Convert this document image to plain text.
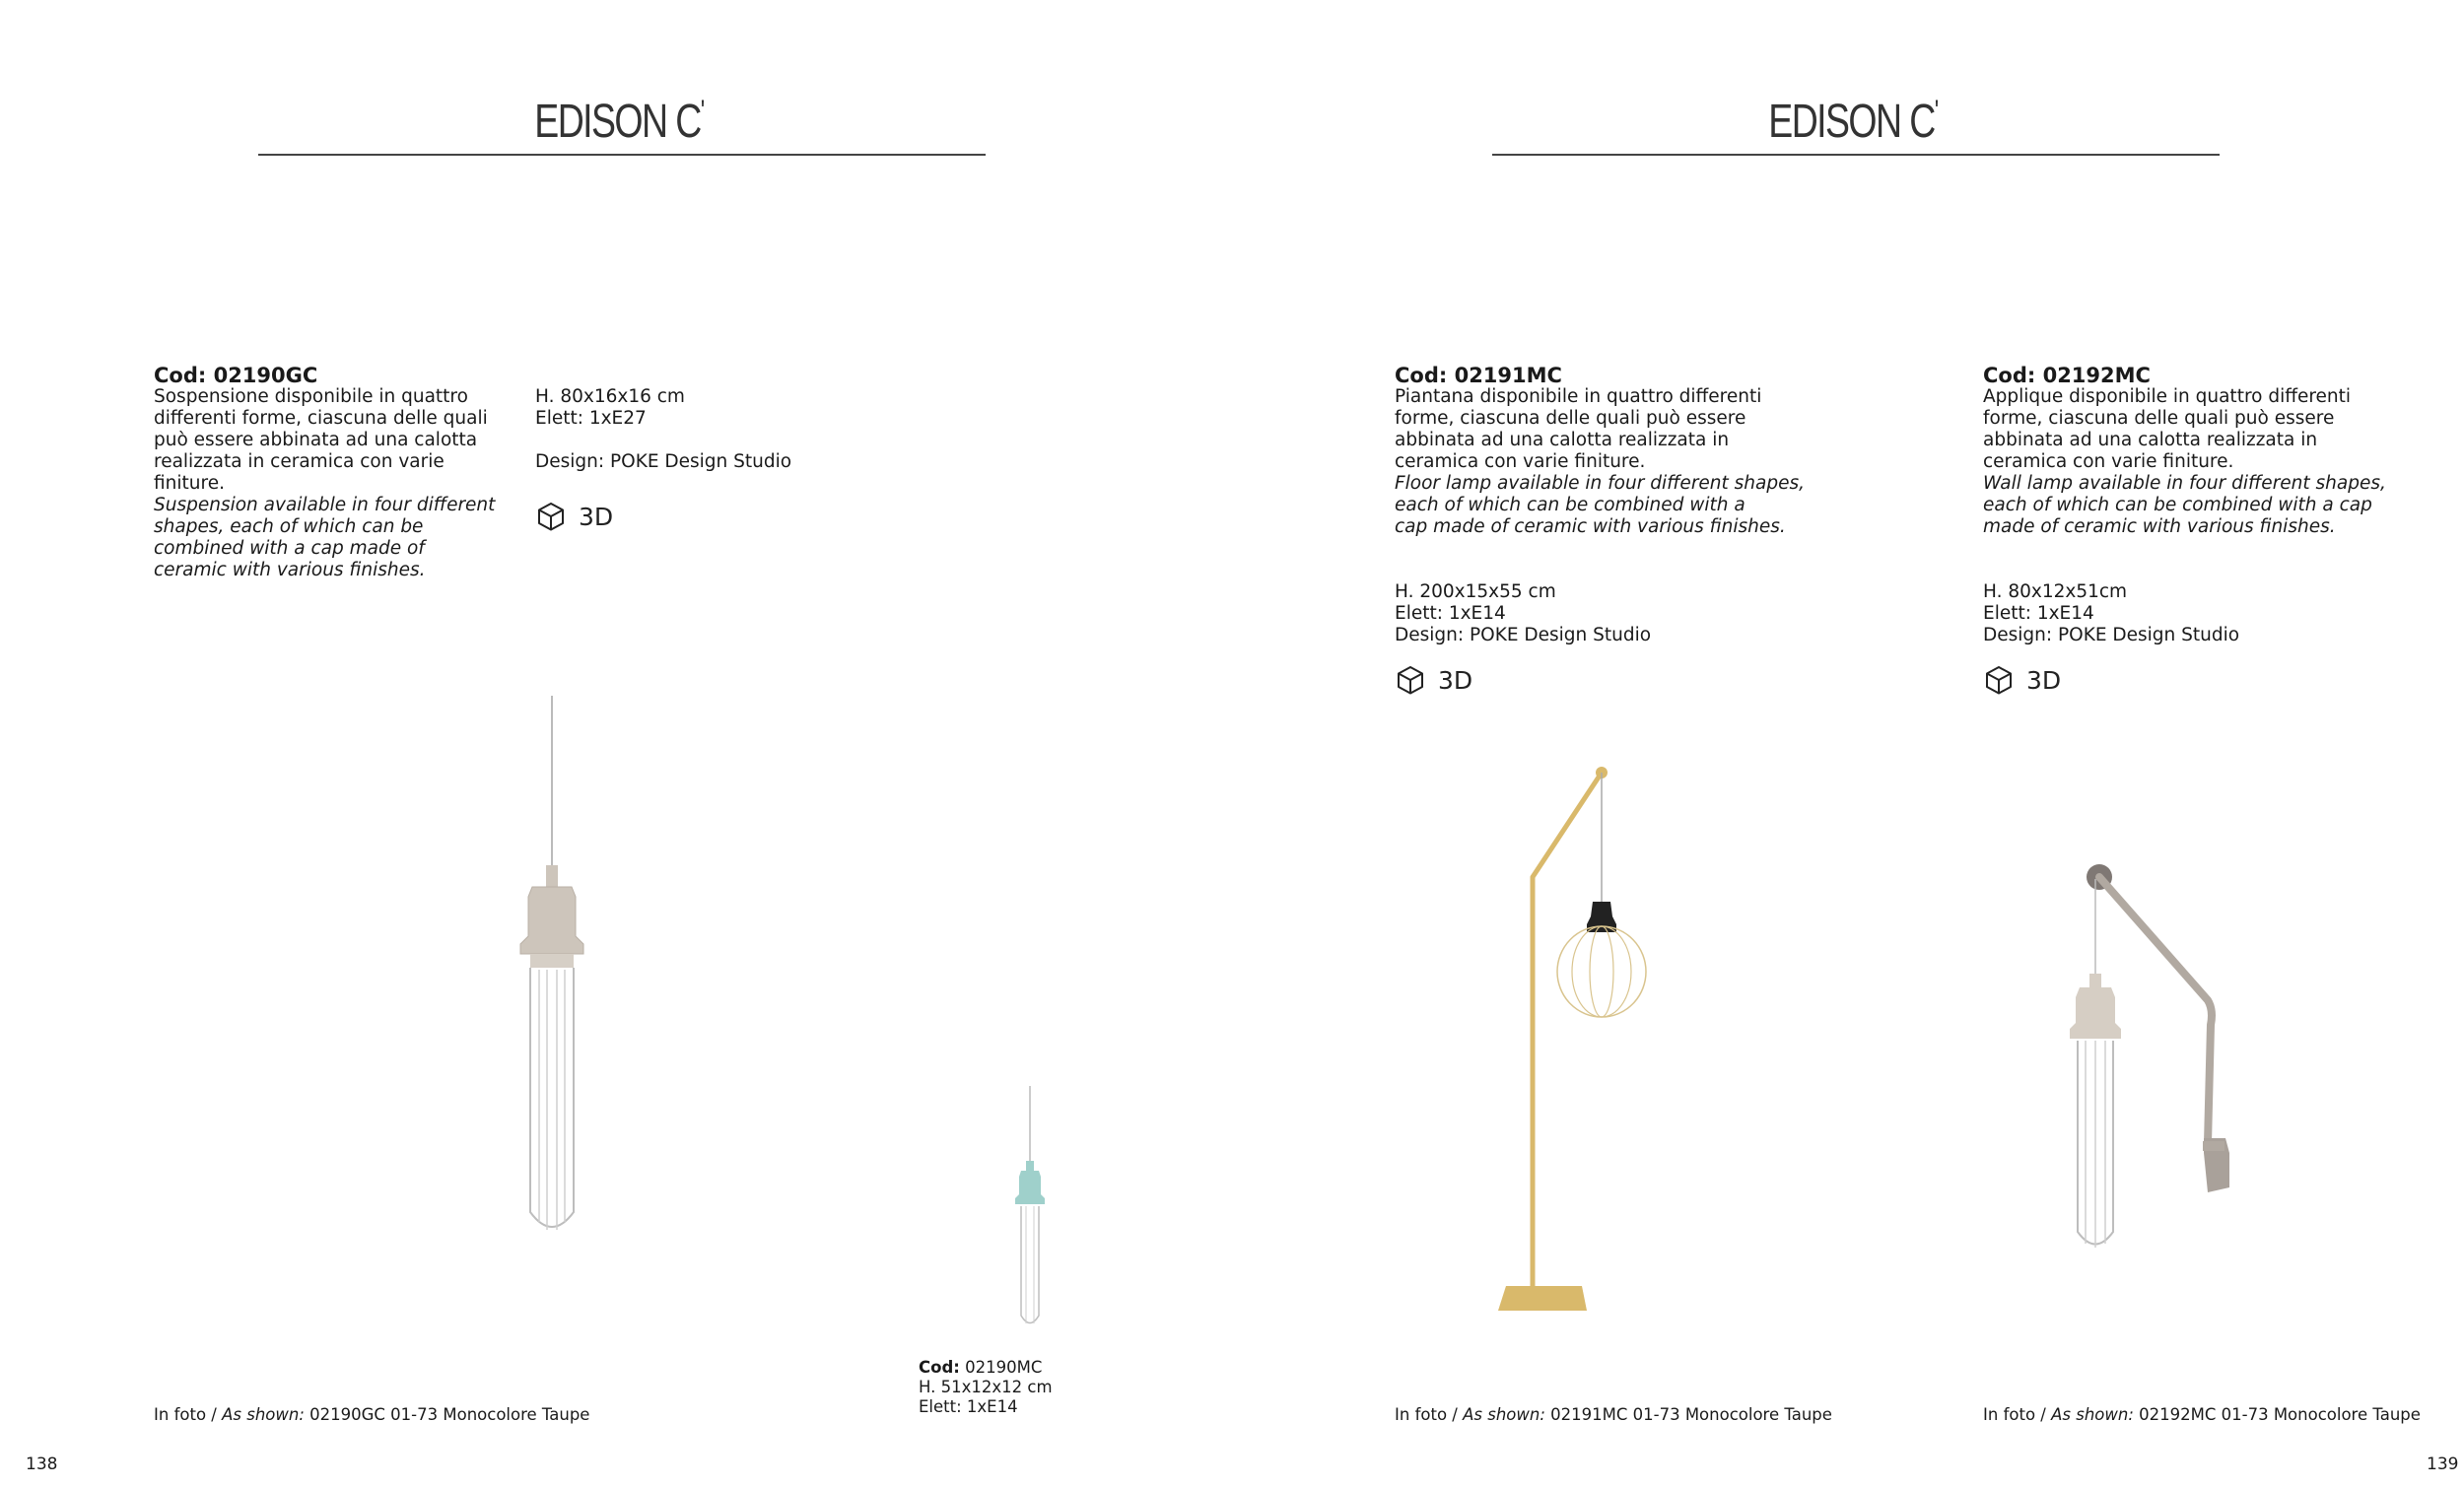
EDISON C'
Cod: 02190GC
Sospensione disponibile in quattro
differenti forme, ciascuna delle quali
può essere abbinata ad una calotta
realizzata in ceramica con varie
finiture.
Suspension available in four different
shapes, each of which can be
combined with a cap made of
ceramic with various finishes.
H. 80x16x16 cm
Elett: 1xE27
Design: POKE Design Studio
3D
Cod: 02190MC
H. 51x12x12 cm
Elett: 1xE14
In foto / As shown: 02190GC 01-73 Monocolore Taupe
138
EDISON C'
Cod: 02191MC
Piantana disponibile in quattro differenti
forme, ciascuna delle quali può essere
abbinata ad una calotta realizzata in
ceramica con varie finiture.
Floor lamp available in four different shapes,
each of which can be combined with a
cap made of ceramic with various finishes.
H. 200x15x55 cm
Elett: 1xE14
Design: POKE Design Studio
3D
Cod: 02192MC
Applique disponibile in quattro differenti
forme, ciascuna delle quali può essere
abbinata ad una calotta realizzata in
ceramica con varie finiture.
Wall lamp available in four different shapes,
each of which can be combined with a cap
made of ceramic with various finishes.
H. 80x12x51cm
Elett: 1xE14
Design: POKE Design Studio
3D
In foto / As shown: 02191MC 01-73 Monocolore Taupe	In foto / As shown: 02192MC 01-73 Monocolore Taupe
139
